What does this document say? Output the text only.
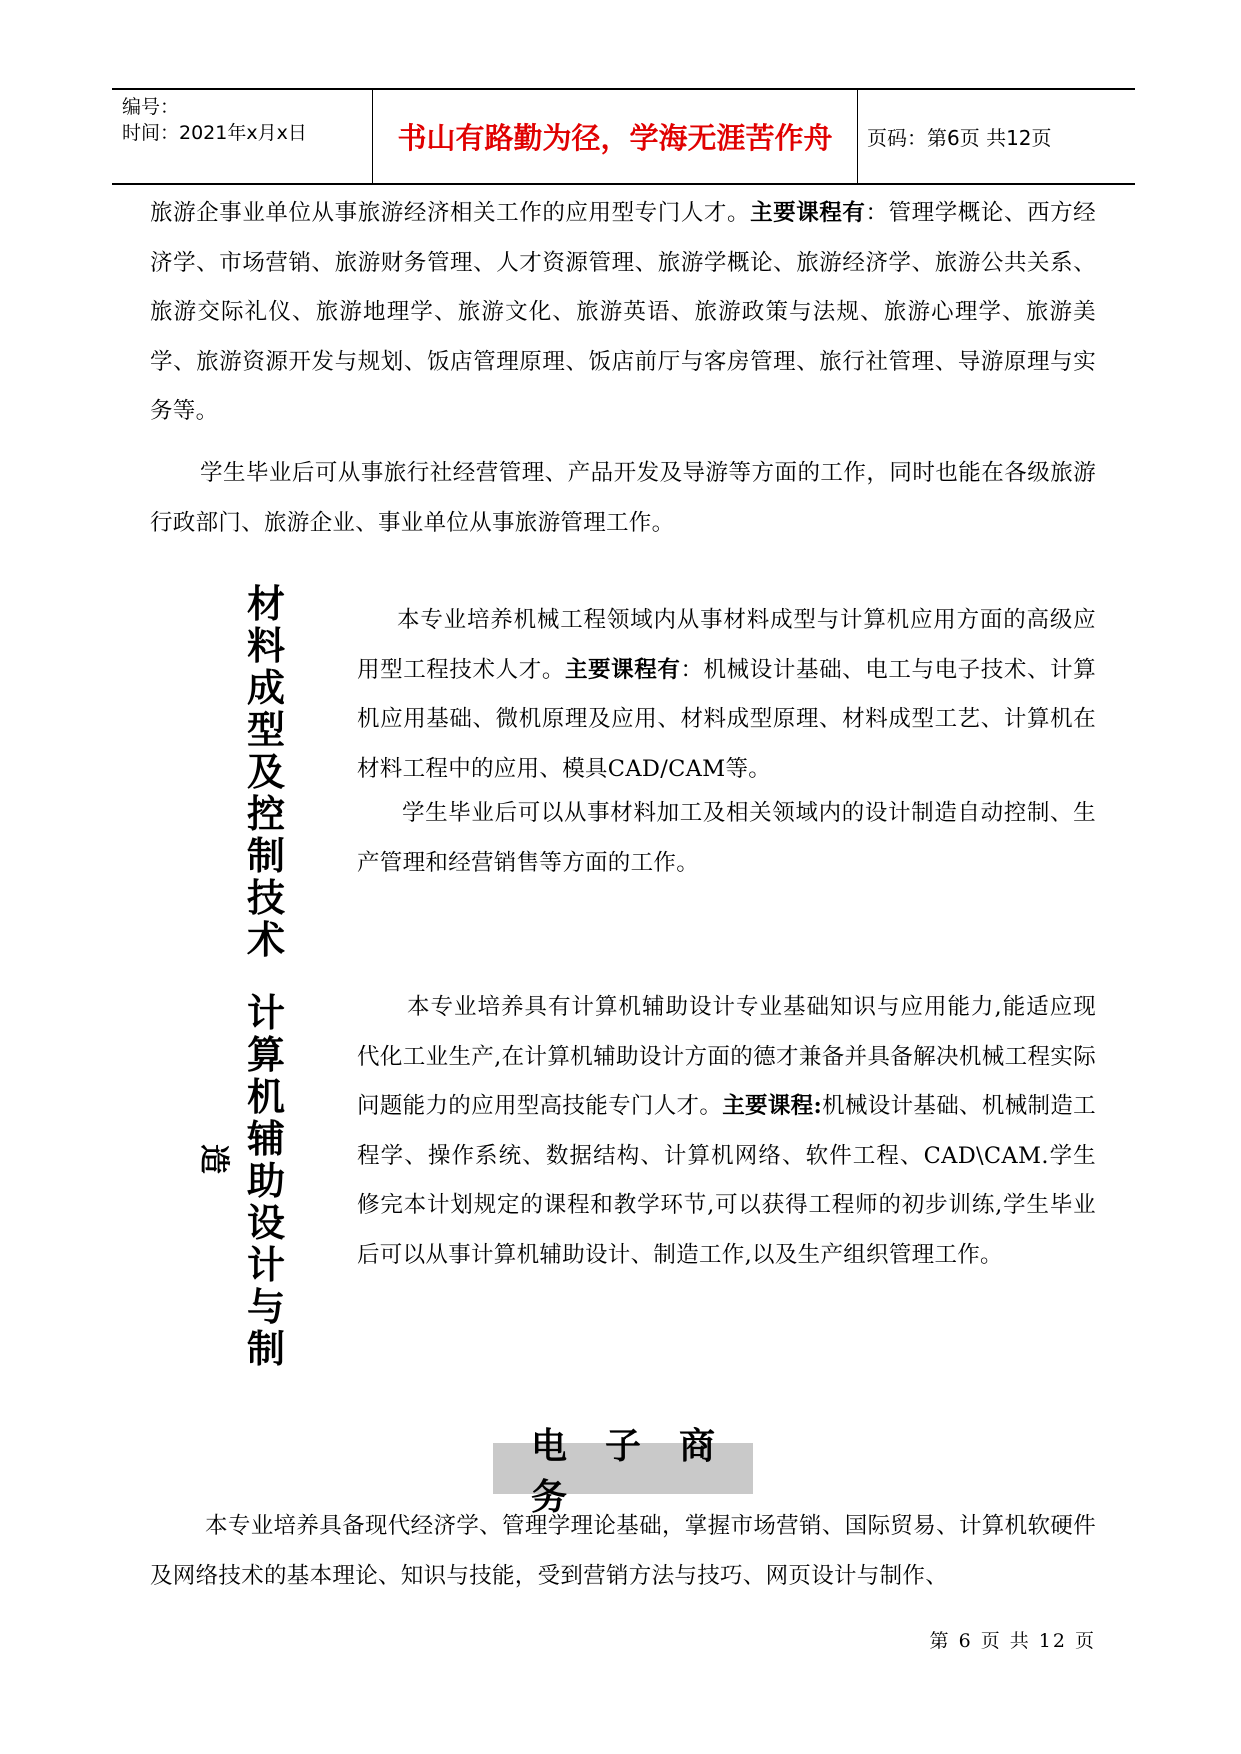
编号：
时间：2021年x月x日	书山有路勤为径，学海无涯苦作舟	页码：第6页 共12页
旅游企事业单位从事旅游经济相关工作的应用型专门人才。主要课程有：管理学概论、西方经济学、市场营销、旅游财务管理、人才资源管理、旅游学概论、旅游经济学、旅游公共关系、旅游交际礼仪、旅游地理学、旅游文化、旅游英语、旅游政策与法规、旅游心理学、旅游美学、旅游资源开发与规划、饭店管理原理、饭店前厅与客房管理、旅行社管理、导游原理与实务等。
学生毕业后可从事旅行社经营管理、产品开发及导游等方面的工作，同时也能在各级旅游行政部门、旅游企业、事业单位从事旅游管理工作。
材料成型及控制技术
本专业培养机械工程领域内从事材料成型与计算机应用方面的高级应用型工程技术人才。主要课程有：机械设计基础、电工与电子技术、计算机应用基础、微机原理及应用、材料成型原理、材料成型工艺、计算机在材料工程中的应用、模具CAD/CAM等。
学生毕业后可以从事材料加工及相关领域内的设计制造自动控制、生产管理和经营销售等方面的工作。
计算机辅助设计与制
造
本专业培养具有计算机辅助设计专业基础知识与应用能力,能适应现代化工业生产,在计算机辅助设计方面的德才兼备并具备解决机械工程实际问题能力的应用型高技能专门人才。主要课程:机械设计基础、机械制造工程学、操作系统、数据结构、计算机网络、软件工程、CAD\CAM.学生修完本计划规定的课程和教学环节,可以获得工程师的初步训练,学生毕业后可以从事计算机辅助设计、制造工作,以及生产组织管理工作。
电子商务
本专业培养具备现代经济学、管理学理论基础，掌握市场营销、国际贸易、计算机软硬件及网络技术的基本理论、知识与技能，受到营销方法与技巧、网页设计与制作、
第 6 页 共 12 页
